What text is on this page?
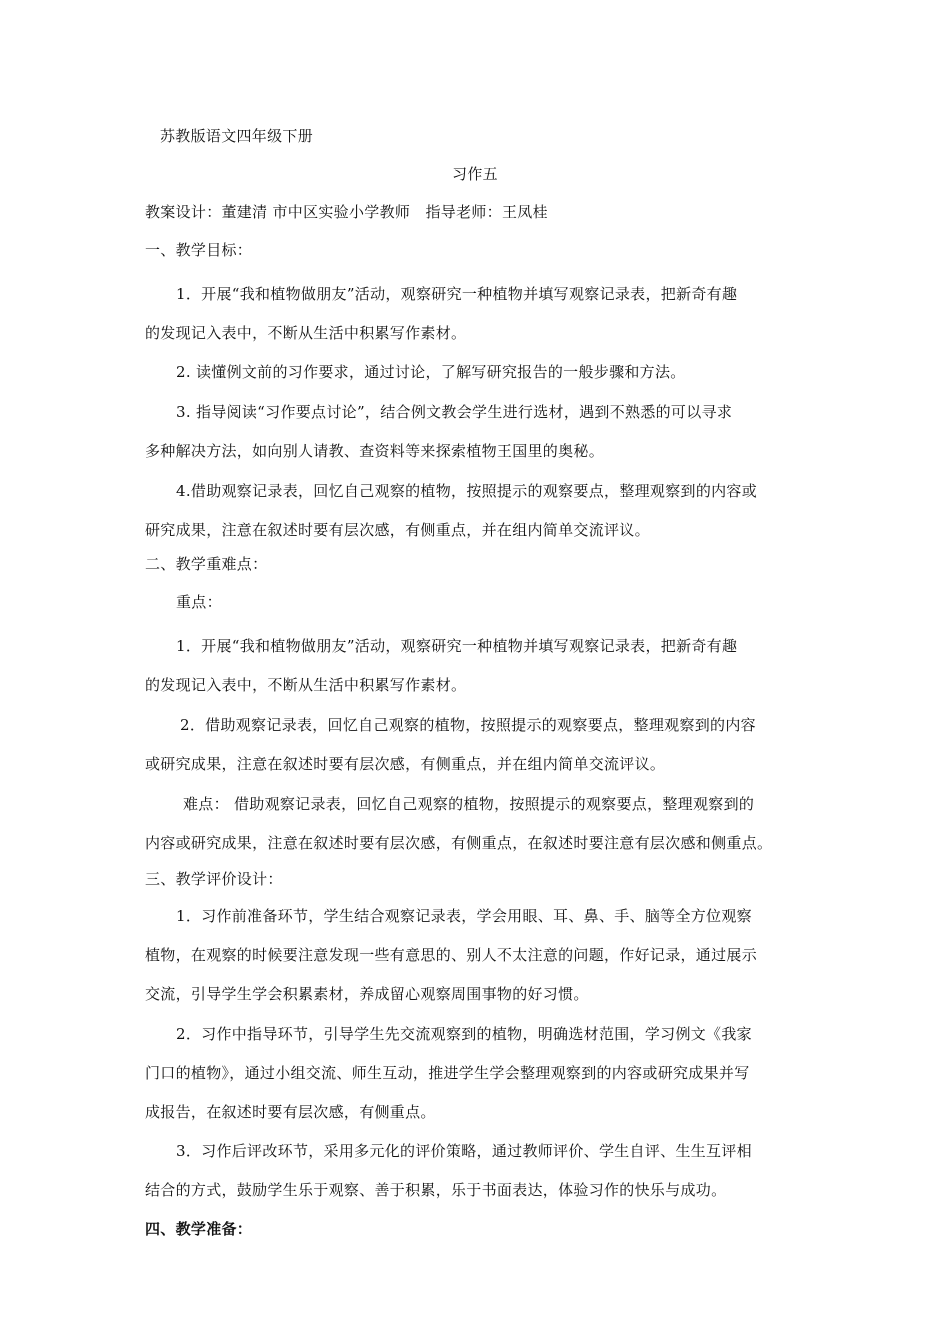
苏教版语文四年级下册
习作五
教案设计：董建清 市中区实验小学教师　指导老师：王凤桂
一、教学目标：
1．开展“我和植物做朋友”活动，观察研究一种植物并填写观察记录表，把新奇有趣
的发现记入表中，不断从生活中积累写作素材。
2. 读懂例文前的习作要求，通过讨论，了解写研究报告的一般步骤和方法。
3. 指导阅读“习作要点讨论”，结合例文教会学生进行选材，遇到不熟悉的可以寻求
多种解决方法，如向别人请教、查资料等来探索植物王国里的奥秘。
4.借助观察记录表，回忆自己观察的植物，按照提示的观察要点，整理观察到的内容或
研究成果，注意在叙述时要有层次感，有侧重点，并在组内简单交流评议。
二、教学重难点：
重点：
1．开展“我和植物做朋友”活动，观察研究一种植物并填写观察记录表，把新奇有趣
的发现记入表中，不断从生活中积累写作素材。
2．借助观察记录表，回忆自己观察的植物，按照提示的观察要点，整理观察到的内容
或研究成果，注意在叙述时要有层次感，有侧重点，并在组内简单交流评议。
难点： 借助观察记录表，回忆自己观察的植物，按照提示的观察要点，整理观察到的
内容或研究成果，注意在叙述时要有层次感，有侧重点，在叙述时要注意有层次感和侧重点。
三、教学评价设计：
1．习作前准备环节，学生结合观察记录表，学会用眼、耳、鼻、手、脑等全方位观察
植物，在观察的时候要注意发现一些有意思的、别人不太注意的问题，作好记录，通过展示
交流，引导学生学会积累素材，养成留心观察周围事物的好习惯。
2．习作中指导环节，引导学生先交流观察到的植物，明确选材范围，学习例文《我家
门口的植物》，通过小组交流、师生互动，推进学生学会整理观察到的内容或研究成果并写
成报告，在叙述时要有层次感，有侧重点。
3．习作后评改环节，采用多元化的评价策略，通过教师评价、学生自评、生生互评相
结合的方式，鼓励学生乐于观察、善于积累，乐于书面表达，体验习作的快乐与成功。
四、教学准备：
